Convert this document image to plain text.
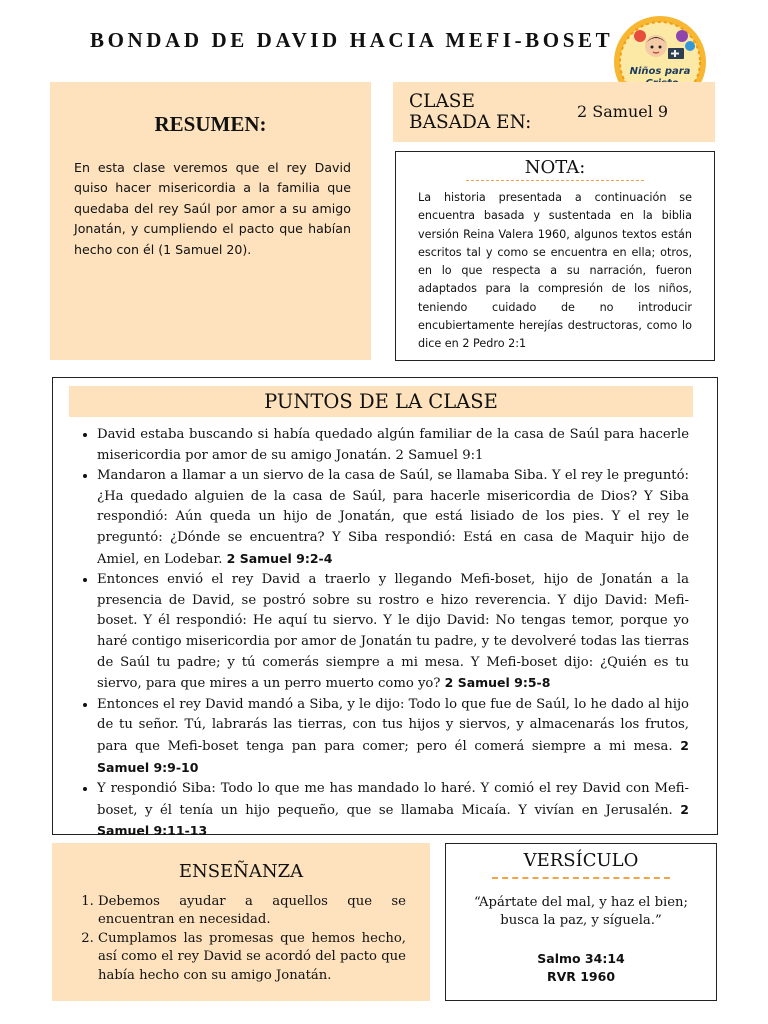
BONDAD DE DAVID HACIA MEFI-BOSET
Niños para
RESUMEN:
En esta clase veremos que el rey David quiso hacer misericordia a la familia que quedaba del rey Saúl por amor a su amigo Jonatán, y cumpliendo el pacto que habían hecho con él (1 Samuel 20).
CLASE
BASADA EN:
2 Samuel 9
NOTA:
La historia presentada a continuación se encuentra basada y sustentada en la biblia versión Reina Valera 1960, algunos textos están escritos tal y como se encuentra en ella; otros, en lo que respecta a su narración, fueron adaptados para la compresión de los niños, teniendo cuidado de no introducir encubiertamente herejías destructoras, como lo dice en 2 Pedro 2:1
PUNTOS DE LA CLASE
• David estaba buscando si había quedado algún familiar de la casa de Saúl para hacerle misericordia por amor de su amigo Jonatán. 2 Samuel 9:1
• Mandaron a llamar a un siervo de la casa de Saúl, se llamaba Siba. Y el rey le preguntó: ¿Ha quedado alguien de la casa de Saúl, para hacerle misericordia de Dios? Y Siba respondió: Aún queda un hijo de Jonatán, que está lisiado de los pies. Y el rey le preguntó: ¿Dónde se encuentra? Y Siba respondió: Está en casa de Maquir hijo de Amiel, en Lodebar. 2 Samuel 9:2-4
• Entonces envió el rey David a traerlo y llegando Mefi-boset, hijo de Jonatán a la presencia de David, se postró sobre su rostro e hizo reverencia. Y dijo David: Mefi-boset. Y él respondió: He aquí tu siervo. Y le dijo David: No tengas temor, porque yo haré contigo misericordia por amor de Jonatán tu padre, y te devolveré todas las tierras de Saúl tu padre; y tú comerás siempre a mi mesa. Y Mefi-boset dijo: ¿Quién es tu siervo, para que mires a un perro muerto como yo? 2 Samuel 9:5-8
• Entonces el rey David mandó a Siba, y le dijo: Todo lo que fue de Saúl, lo he dado al hijo de tu señor. Tú, labrarás las tierras, con tus hijos y siervos, y almacenarás los frutos, para que Mefi-boset tenga pan para comer; pero él comerá siempre a mi mesa. 2 Samuel 9:9-10
• Y respondió Siba: Todo lo que me has mandado lo haré. Y comió el rey David con Mefi-boset, y él tenía un hijo pequeño, que se llamaba Micaía. Y vivían en Jerusalén. 2 Samuel 9:11-13
ENSEÑANZA
1. Debemos ayudar a aquellos que se encuentran en necesidad.
2. Cumplamos las promesas que hemos hecho, así como el rey David se acordó del pacto que había hecho con su amigo Jonatán.
VERSÍCULO
“Apártate del mal, y haz el bien; busca la paz, y síguela.”
Salmo 34:14
RVR 1960
